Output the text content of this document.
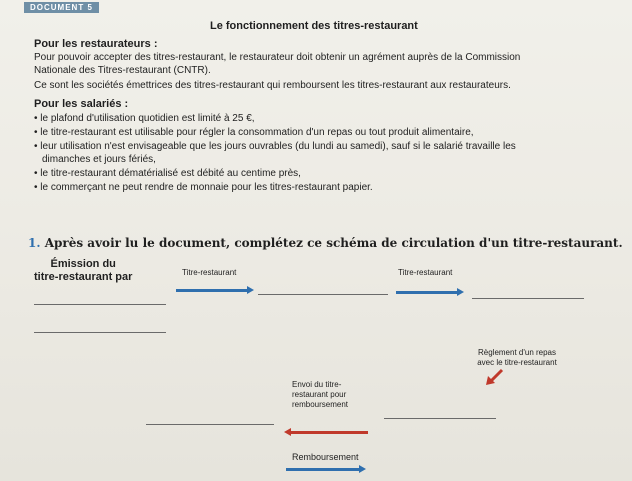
DOCUMENT 5
Le fonctionnement des titres-restaurant
Pour les restaurateurs :
Pour pouvoir accepter des titres-restaurant, le restaurateur doit obtenir un agrément auprès de la Commission
Nationale des Titres-restaurant (CNTR).
Ce sont les sociétés émettrices des titres-restaurant qui remboursent les titres-restaurant aux restaurateurs.
Pour les salariés :
• le plafond d'utilisation quotidien est limité à 25 €,
• le titre-restaurant est utilisable pour régler la consommation d'un repas ou tout produit alimentaire,
• leur utilisation n'est envisageable que les jours ouvrables (du lundi au samedi), sauf si le salarié travaille les
dimanches et jours fériés,
• le titre-restaurant dématérialisé est débité au centime près,
• le commerçant ne peut rendre de monnaie pour les titres-restaurant papier.
1. Après avoir lu le document, complétez ce schéma de circulation d'un titre-restaurant.
Émission du
titre-restaurant par	Titre-restaurant	Titre-restaurant
Règlement d'un repas
avec le titre-restaurant
Envoi du titre-
restaurant pour
remboursement
Remboursement
